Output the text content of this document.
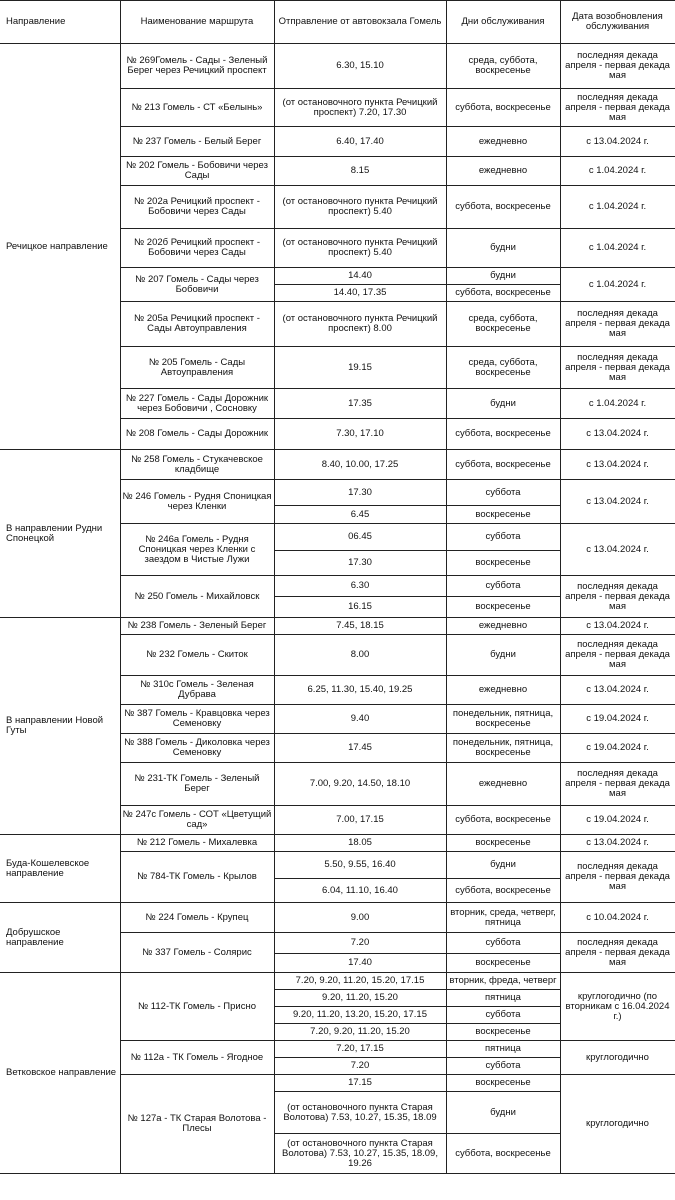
Направление	Наименование маршрута	Отправление от автовокзала Гомель	Дни обслуживания	Дата возобновления обслуживания
Речицкое направление	№ 269Гомель - Сады - Зеленый Берег через Речицкий проспект	6.30, 15.10	среда, суббота, воскресенье	последняя декада апреля - первая декада мая
	№ 213 Гомель - СТ «Белынь»	(от остановочного пункта Речицкий проспект) 7.20, 17.30	суббота, воскресенье	последняя декада апреля - первая декада мая
	№ 237 Гомель - Белый Берег	6.40, 17.40	ежедневно	с 13.04.2024 г.
	№ 202 Гомель - Бобовичи через Сады	8.15	ежедневно	с 1.04.2024 г.
	№ 202а Речицкий проспект - Бобовичи через Сады	(от остановочного пункта Речицкий проспект) 5.40	суббота, воскресенье	с 1.04.2024 г.
	№ 202б Речицкий проспект - Бобовичи через Сады	(от остановочного пункта Речицкий проспект) 5.40	будни	с 1.04.2024 г.
	№ 207 Гомель - Сады через Бобовичи	14.40	будни	с 1.04.2024 г.
		14.40, 17.35	суббота, воскресенье	
	№ 205а Речицкий проспект - Сады Автоуправления	(от остановочного пункта Речицкий проспект) 8.00	среда, суббота, воскресенье	последняя декада апреля - первая декада мая
	№ 205 Гомель - Сады Автоуправления	19.15	среда, суббота, воскресенье	последняя декада апреля - первая декада мая
	№ 227 Гомель - Сады Дорожник через Бобовичи , Сосновку	17.35	будни	с 1.04.2024 г.
	№ 208 Гомель - Сады Дорожник	7.30, 17.10	суббота, воскресенье	с 13.04.2024 г.
В направлении Рудни Спонецкой	№ 258 Гомель - Стукачевское кладбище	8.40, 10.00, 17.25	суббота, воскресенье	с 13.04.2024 г.
	№ 246 Гомель - Рудня Споницкая через Кленки	17.30	суббота	с 13.04.2024 г.
		6.45	воскресенье	
	№ 246а Гомель - Рудня Споницкая через Кленки с заездом в Чистые Лужи	06.45	суббота	с 13.04.2024 г.
		17.30	воскресенье	
	№ 250 Гомель - Михайловск	6.30	суббота	последняя декада апреля - первая декада мая
		16.15	воскресенье	
В направлении Новой Гуты	№ 238 Гомель - Зеленый Берег	7.45, 18.15	ежедневно	с 13.04.2024 г.
	№ 232 Гомель - Скиток	8.00	будни	последняя декада апреля - первая декада мая
	№ 310с Гомель - Зеленая Дубрава	6.25, 11.30, 15.40, 19.25	ежедневно	с 13.04.2024 г.
	№ 387 Гомель - Кравцовка через Семеновку	9.40	понедельник, пятница, воскресенье	с 19.04.2024 г.
	№ 388 Гомель - Диколовка через Семеновку	17.45	понедельник, пятница, воскресенье	с 19.04.2024 г.
	№ 231-ТК Гомель - Зеленый Берег	7.00, 9.20, 14.50, 18.10	ежедневно	последняя декада апреля - первая декада мая
	№ 247с Гомель - СОТ «Цветущий сад»	7.00, 17.15	суббота, воскресенье	с 19.04.2024 г.
Буда-Кошелевское направление	№ 212 Гомель - Михалевка	18.05	воскресенье	с 13.04.2024 г.
	№ 784-ТК Гомель - Крылов	5.50, 9.55, 16.40	будни	последняя декада апреля - первая декада мая
		6.04, 11.10, 16.40	суббота, воскресенье	
Добрушское направление	№ 224 Гомель - Крупец	9.00	вторник, среда, четверг, пятница	с 10.04.2024 г.
	№ 337 Гомель - Солярис	7.20	суббота	последняя декада апреля - первая декада мая
		17.40	воскресенье	
Ветковское направление	№ 112-ТК Гомель - Присно	7.20, 9.20, 11.20, 15.20, 17.15	вторник, фреда, четверг	круглогодично (по вторникам с 16.04.2024 г.)
		9.20, 11.20, 15.20	пятница	
		9.20, 11.20, 13.20, 15.20, 17.15	суббота	
		7.20, 9.20, 11.20, 15.20	воскресенье	
	№ 112а - ТК Гомель - Ягодное	7.20, 17.15	пятница	круглогодично
		7.20	суббота	
	№ 127а - ТК Старая Волотова - Плесы	17.15	воскресенье	круглогодично
		(от остановочного пункта Старая Волотова) 7.53, 10.27, 15.35, 18.09	будни	
		(от остановочного пункта Старая Волотова) 7.53, 10.27, 15.35, 18.09, 19.26	суббота, воскресенье	
